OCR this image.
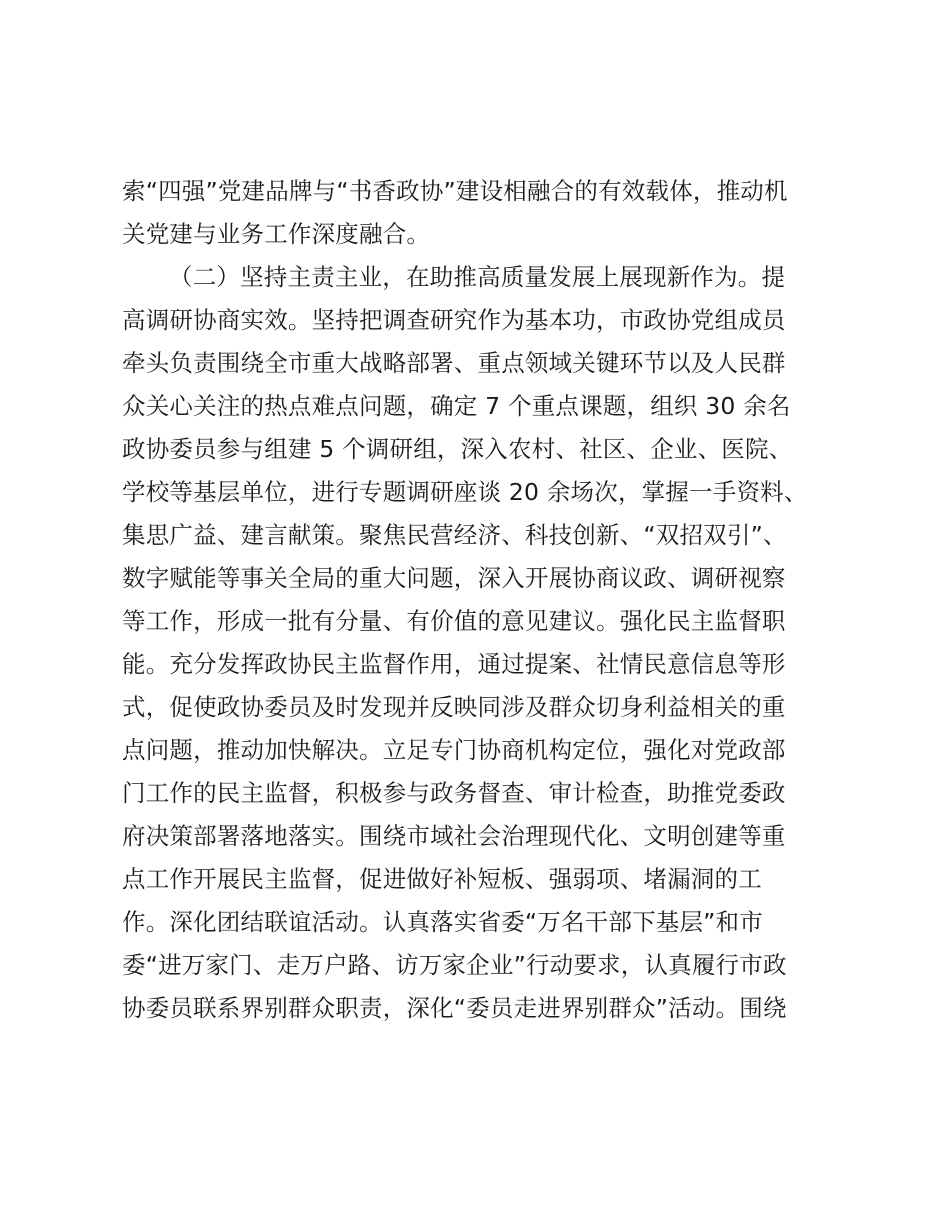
索“四强”党建品牌与“书香政协”建设相融合的有效载体，推动机
关党建与业务工作深度融合。
（二）坚持主责主业，在助推高质量发展上展现新作为。提
高调研协商实效。坚持把调查研究作为基本功，市政协党组成员
牵头负责围绕全市重大战略部署、重点领域关键环节以及人民群
众关心关注的热点难点问题，确定 7 个重点课题，组织 30 余名
政协委员参与组建 5 个调研组，深入农村、社区、企业、医院、
学校等基层单位，进行专题调研座谈 20 余场次，掌握一手资料、
集思广益、建言献策。聚焦民营经济、科技创新、“双招双引”、
数字赋能等事关全局的重大问题，深入开展协商议政、调研视察
等工作，形成一批有分量、有价值的意见建议。强化民主监督职
能。充分发挥政协民主监督作用，通过提案、社情民意信息等形
式，促使政协委员及时发现并反映同涉及群众切身利益相关的重
点问题，推动加快解决。立足专门协商机构定位，强化对党政部
门工作的民主监督，积极参与政务督查、审计检查，助推党委政
府决策部署落地落实。围绕市域社会治理现代化、文明创建等重
点工作开展民主监督，促进做好补短板、强弱项、堵漏洞的工
作。深化团结联谊活动。认真落实省委“万名干部下基层”和市
委“进万家门、走万户路、访万家企业”行动要求，认真履行市政
协委员联系界别群众职责，深化“委员走进界别群众”活动。围绕
